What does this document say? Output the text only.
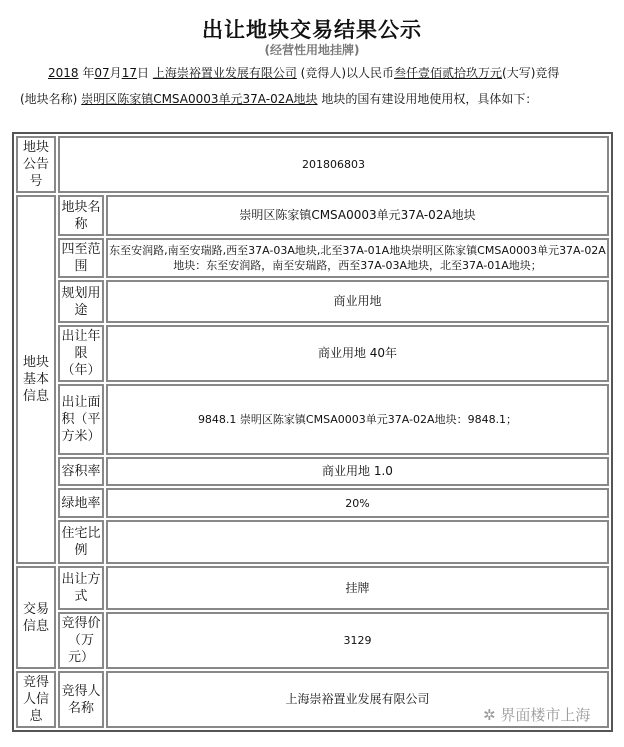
出让地块交易结果公示
(经营性用地挂牌)
2018 年07月17日 上海崇裕置业发展有限公司 (竞得人)以人民币叁仟壹佰贰拾玖万元(大写)竞得
(地块名称) 崇明区陈家镇CMSA0003单元37A-02A地块 地块的国有建设用地使用权，具体如下：
地块公告号	201806803	
地块基本信息	地块名称	崇明区陈家镇CMSA0003单元37A-02A地块
	四至范围	东至安润路,南至安瑞路,西至37A-03A地块,北至37A-01A地块崇明区陈家镇CMSA0003单元37A-02A地块：东至安润路，南至安瑞路，西至37A-03A地块，北至37A-01A地块；
	规划用途	商业用地
	出让年限（年）	商业用地 40年
	出让面积（平方米）	9848.1 崇明区陈家镇CMSA0003单元37A-02A地块：9848.1；
	容积率	商业用地 1.0
	绿地率	20%
	住宅比例	
交易信息	出让方式	挂牌
	竞得价（万元）	3129
竞得人信息	竞得人名称	上海崇裕置业发展有限公司
✲ 界面楼市上海
